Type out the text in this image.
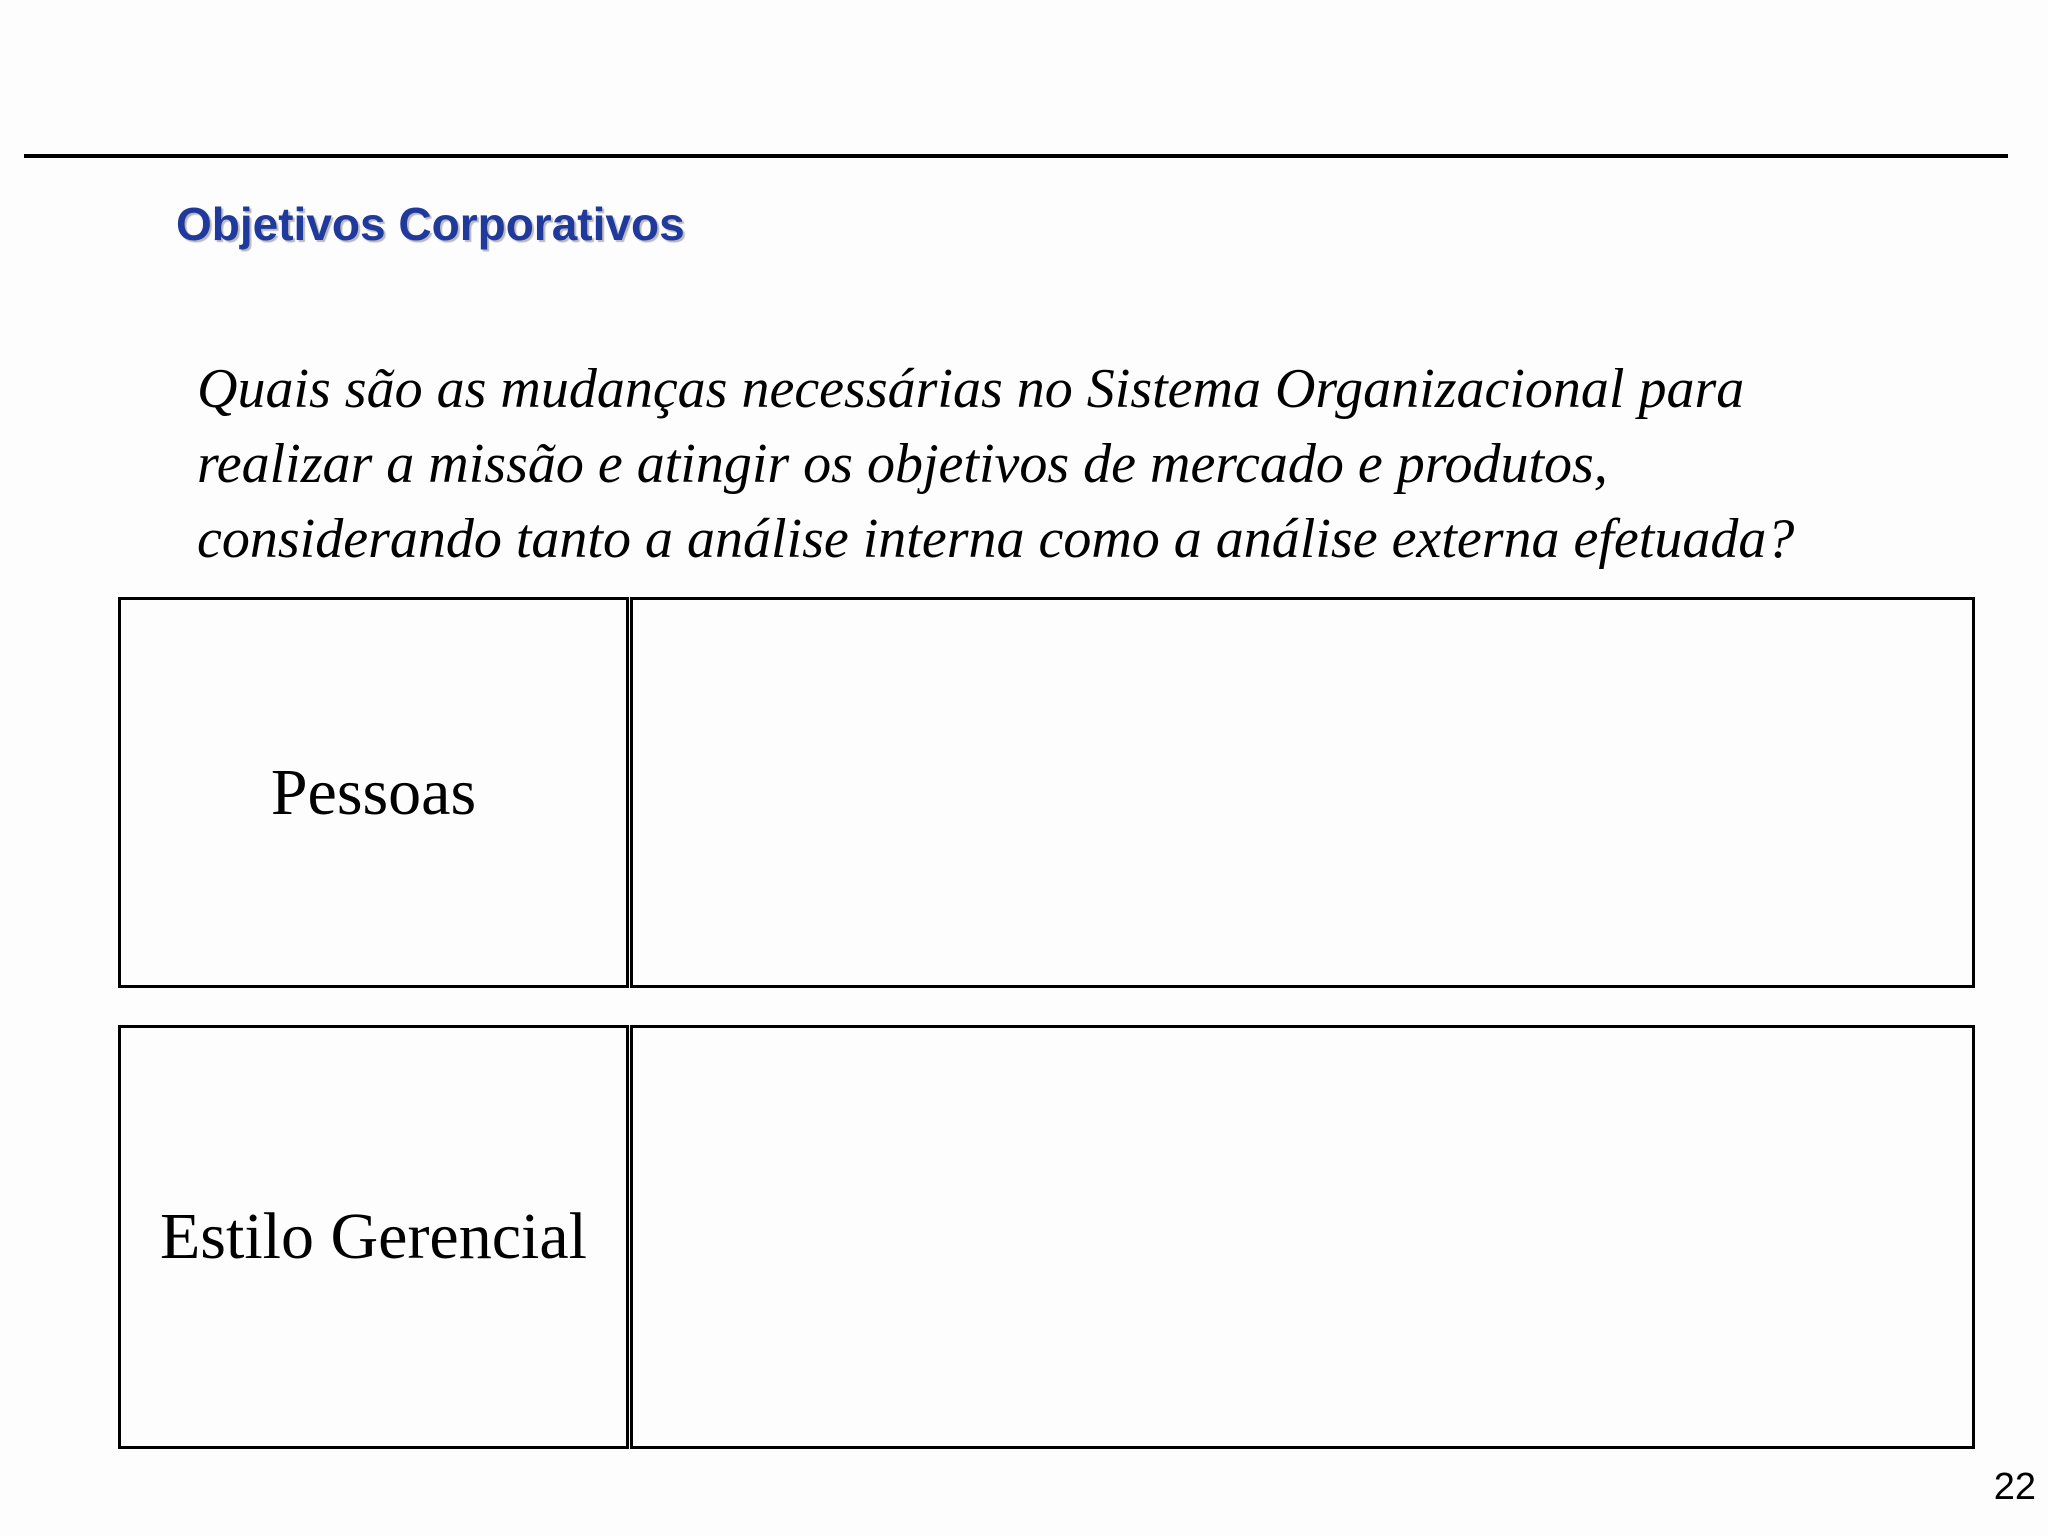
Objetivos Corporativos
Quais são as mudanças necessárias no Sistema Organizacional para
realizar a missão e atingir os objetivos de mercado e produtos,
considerando tanto a análise interna como a análise externa efetuada?
Pessoas
Estilo Gerencial
22
